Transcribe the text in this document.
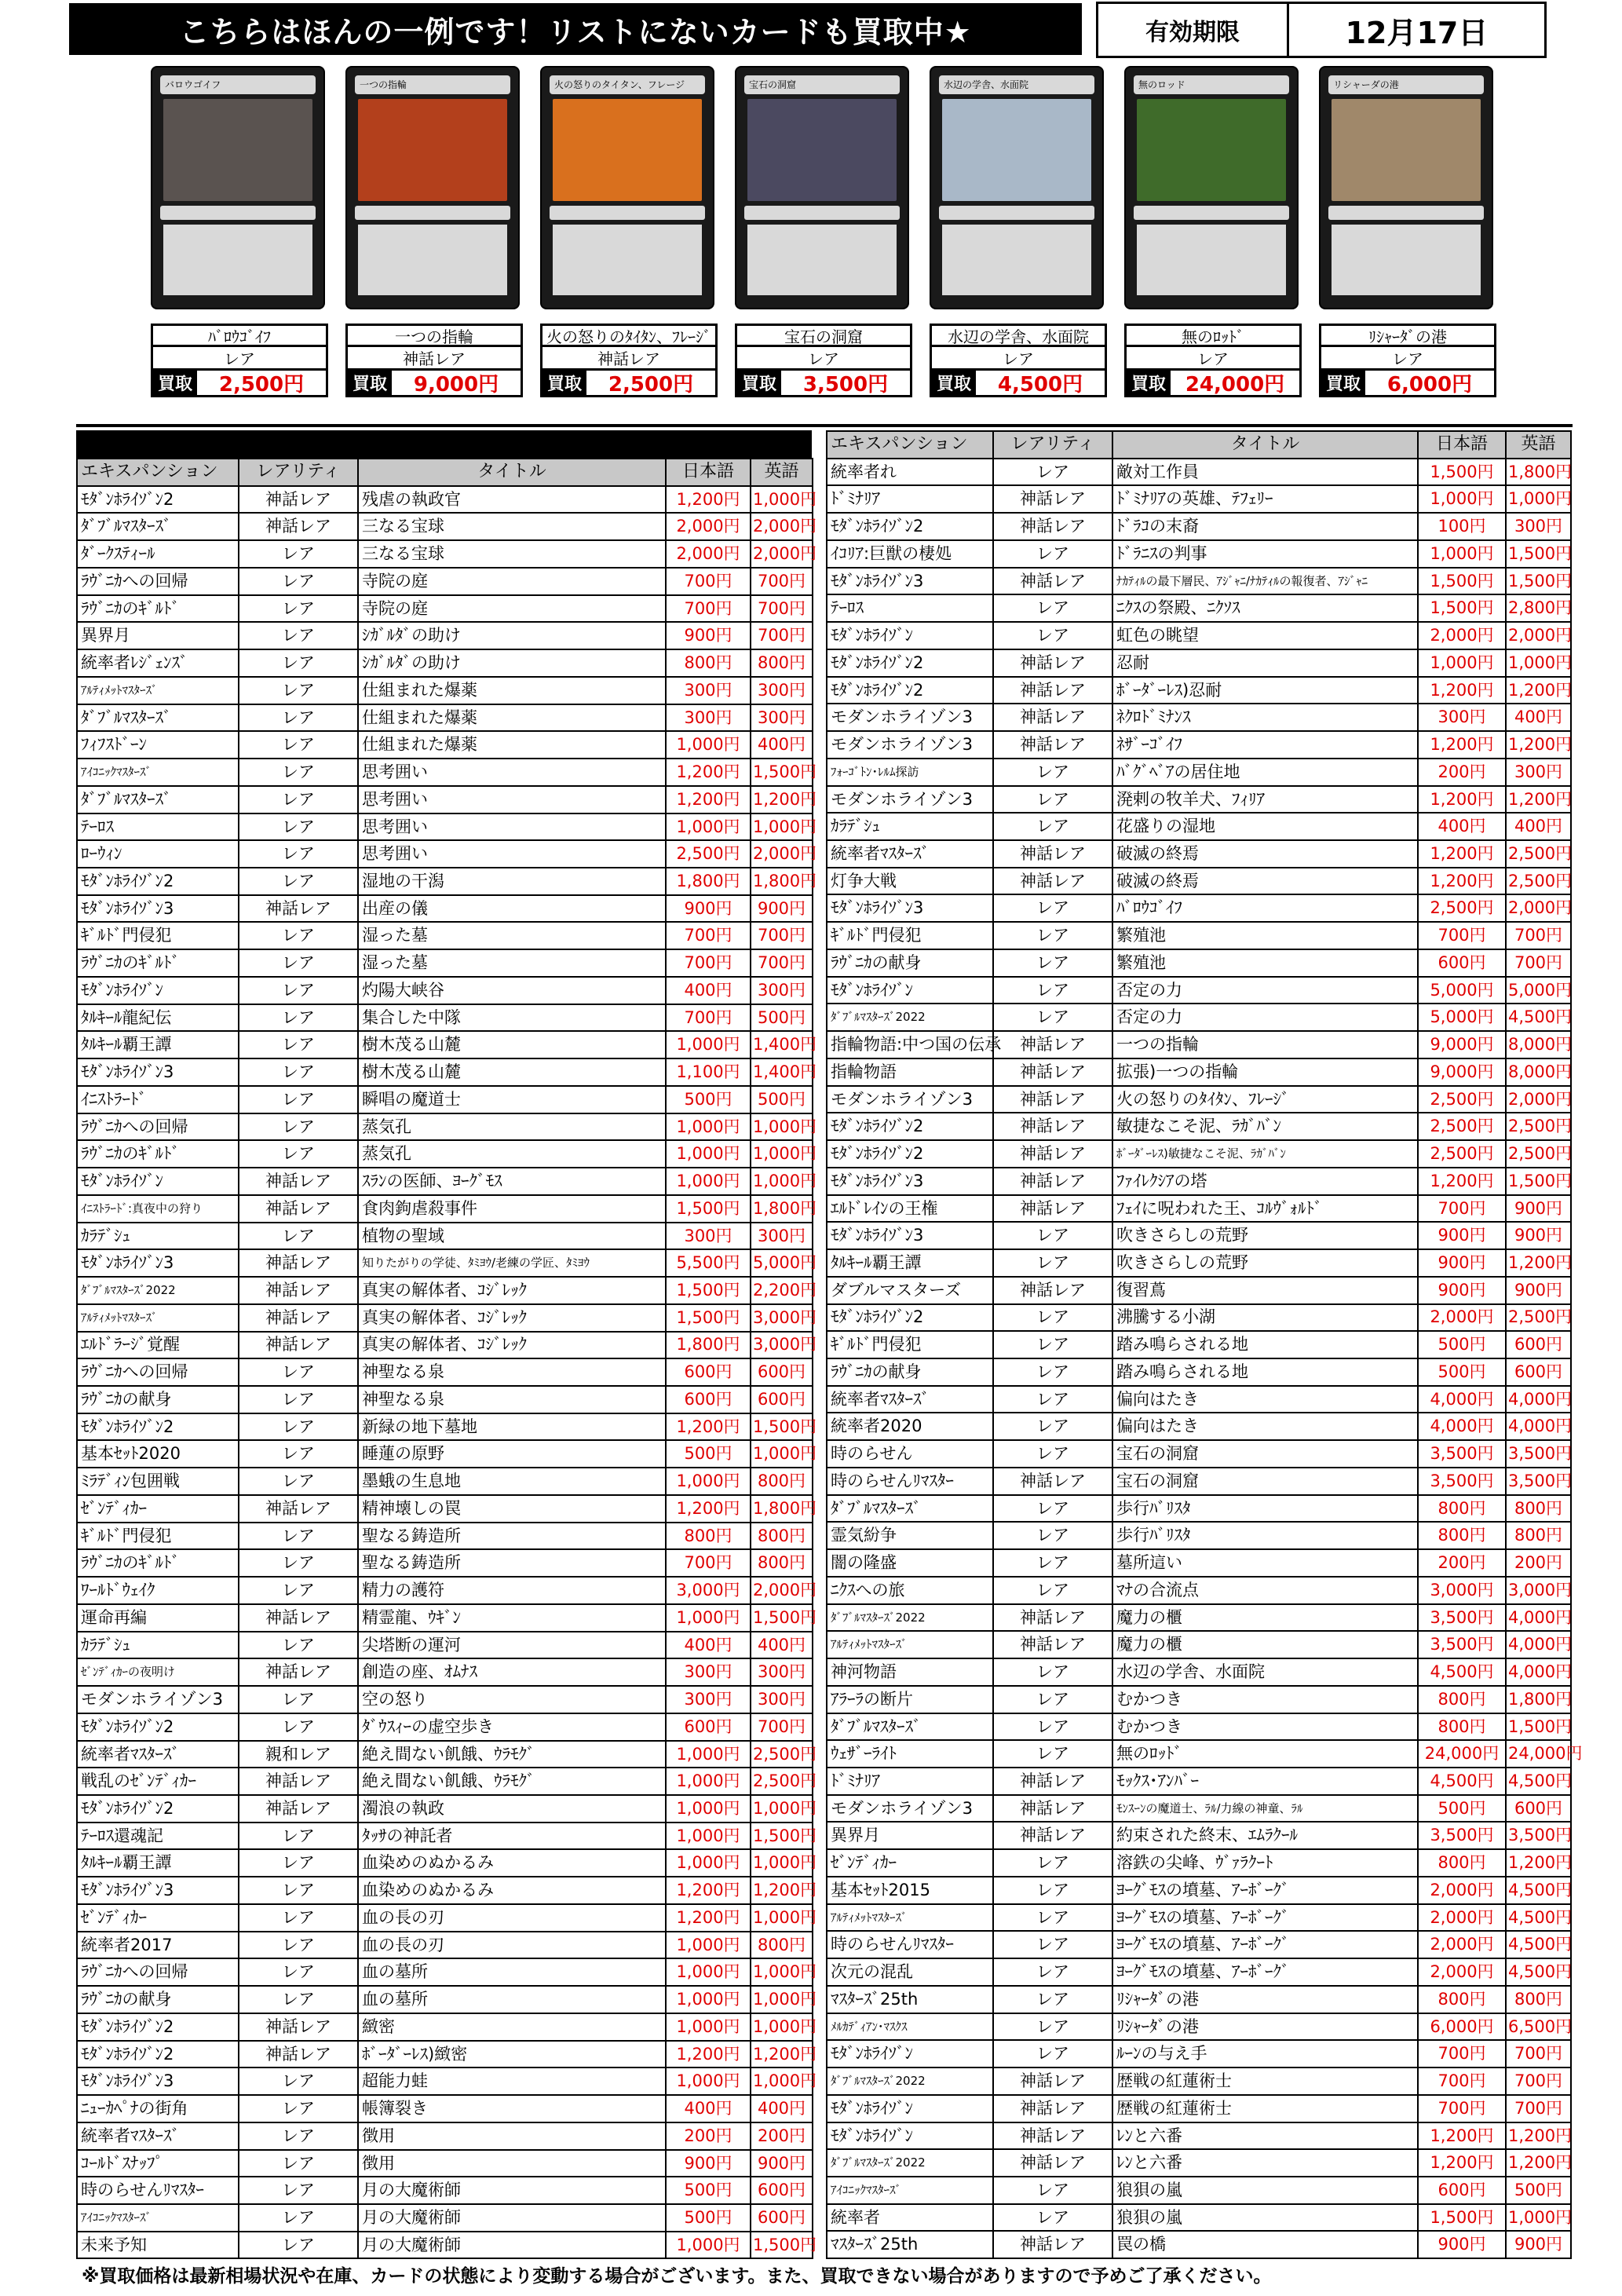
こちらはほんの一例です！リストにないカードも買取中★	有効期限	12月17日
バロウゴイフ
ﾊﾞﾛｳｺﾞｲﾌ
レア
買取	2,500円
一つの指輪
一つの指輪
神話レア
買取	9,000円
火の怒りのタイタン、フレージ
火の怒りのﾀｲﾀﾝ、ﾌﾚｰｼﾞ
神話レア
買取	2,500円
宝石の洞窟
宝石の洞窟
レア
買取	3,500円
水辺の学舎、水面院
水辺の学舎、水面院
レア
買取	4,500円
無のロッド
無のﾛｯﾄﾞ
レア
買取 24,000円
リシャーダの港
ﾘｼｬｰﾀﾞの港
レア
買取	6,000円
エキスパンション	レアリティ	タイトル	日本語	英語
ﾓﾀﾞﾝﾎﾗｲｿﾞﾝ2	神話レア	残虐の執政官	1,200円	1,000円
ﾀﾞﾌﾞﾙﾏｽﾀｰｽﾞ	神話レア	三なる宝球	2,000円	2,000円
ﾀﾞｰｸｽﾃｨｰﾙ	レア	三なる宝球	2,000円	2,000円
ﾗｳﾞﾆｶへの回帰	レア	寺院の庭	700円	700円
ﾗｳﾞﾆｶのｷﾞﾙﾄﾞ	レア	寺院の庭	700円	700円
異界月	レア	ｼｶﾞﾙﾀﾞの助け	900円	700円
統率者ﾚｼﾞｪﾝｽﾞ	レア	ｼｶﾞﾙﾀﾞの助け	800円	800円
ｱﾙﾃｨﾒｯﾄﾏｽﾀｰｽﾞ	レア	仕組まれた爆薬	300円	300円
ﾀﾞﾌﾞﾙﾏｽﾀｰｽﾞ	レア	仕組まれた爆薬	300円	300円
ﾌｨﾌｽﾄﾞｰﾝ	レア	仕組まれた爆薬	1,000円	400円
ｱｲｺﾆｯｸﾏｽﾀｰｽﾞ	レア	思考囲い	1,200円	1,500円
ﾀﾞﾌﾞﾙﾏｽﾀｰｽﾞ	レア	思考囲い	1,200円	1,200円
ﾃｰﾛｽ	レア	思考囲い	1,000円	1,000円
ﾛｰｳｨﾝ	レア	思考囲い	2,500円	2,000円
ﾓﾀﾞﾝﾎﾗｲｿﾞﾝ2	レア	湿地の干潟	1,800円	1,800円
ﾓﾀﾞﾝﾎﾗｲｿﾞﾝ3	神話レア	出産の儀	900円	900円
ｷﾞﾙﾄﾞ門侵犯	レア	湿った墓	700円	700円
ﾗｳﾞﾆｶのｷﾞﾙﾄﾞ	レア	湿った墓	700円	700円
ﾓﾀﾞﾝﾎﾗｲｿﾞﾝ	レア	灼陽大峡谷	400円	300円
ﾀﾙｷｰﾙ龍紀伝	レア	集合した中隊	700円	500円
ﾀﾙｷｰﾙ覇王譚	レア	樹木茂る山麓	1,000円	1,400円
ﾓﾀﾞﾝﾎﾗｲｿﾞﾝ3	レア	樹木茂る山麓	1,100円	1,400円
ｲﾆｽﾄﾗｰﾄﾞ	レア	瞬唱の魔道士	500円	500円
ﾗｳﾞﾆｶへの回帰	レア	蒸気孔	1,000円	1,000円
ﾗｳﾞﾆｶのｷﾞﾙﾄﾞ	レア	蒸気孔	1,000円	1,000円
ﾓﾀﾞﾝﾎﾗｲｿﾞﾝ	神話レア	ｽﾗﾝの医師、ﾖｰｸﾞﾓｽ	1,000円	1,000円
ｲﾆｽﾄﾗｰﾄﾞ:真夜中の狩り	神話レア	食肉鉤虐殺事件	1,500円	1,800円
ｶﾗﾃﾞｼｭ	レア	植物の聖域	300円	300円
ﾓﾀﾞﾝﾎﾗｲｿﾞﾝ3	神話レア	知りたがりの学徒、ﾀﾐﾖｳ/老練の学匠、ﾀﾐﾖｳ	5,500円	5,000円
ﾀﾞﾌﾞﾙﾏｽﾀｰｽﾞ2022	神話レア	真実の解体者、ｺｼﾞﾚｯｸ	1,500円	2,200円
ｱﾙﾃｨﾒｯﾄﾏｽﾀｰｽﾞ	神話レア	真実の解体者、ｺｼﾞﾚｯｸ	1,500円	3,000円
ｴﾙﾄﾞﾗｰｼﾞ覚醒	神話レア	真実の解体者、ｺｼﾞﾚｯｸ	1,800円	3,000円
ﾗｳﾞﾆｶへの回帰	レア	神聖なる泉	600円	600円
ﾗｳﾞﾆｶの献身	レア	神聖なる泉	600円	600円
ﾓﾀﾞﾝﾎﾗｲｿﾞﾝ2	レア	新緑の地下墓地	1,200円	1,500円
基本ｾｯﾄ2020	レア	睡蓮の原野	500円	1,000円
ﾐﾗﾃﾞｨﾝ包囲戦	レア	墨蛾の生息地	1,000円	800円
ｾﾞﾝﾃﾞｨｶｰ	神話レア	精神壊しの罠	1,200円	1,800円
ｷﾞﾙﾄﾞ門侵犯	レア	聖なる鋳造所	800円	800円
ﾗｳﾞﾆｶのｷﾞﾙﾄﾞ	レア	聖なる鋳造所	700円	800円
ﾜｰﾙﾄﾞｳｪｲｸ	レア	精力の護符	3,000円	2,000円
運命再編	神話レア	精霊龍、ｳｷﾞﾝ	1,000円	1,500円
ｶﾗﾃﾞｼｭ	レア	尖塔断の運河	400円	400円
ｾﾞﾝﾃﾞｨｶｰの夜明け	神話レア	創造の座、ｵﾑﾅｽ	300円	300円
モダンホライゾン3	レア	空の怒り	300円	300円
ﾓﾀﾞﾝﾎﾗｲｿﾞﾝ2	レア	ﾀﾞｳｽｨｰの虚空歩き	600円	700円
統率者ﾏｽﾀｰｽﾞ	親和レア	絶え間ない飢餓、ｳﾗﾓｸﾞ	1,000円	2,500円
戦乱のｾﾞﾝﾃﾞｨｶｰ	神話レア	絶え間ない飢餓、ｳﾗﾓｸﾞ	1,000円	2,500円
ﾓﾀﾞﾝﾎﾗｲｿﾞﾝ2	神話レア	濁浪の執政	1,000円	1,000円
ﾃｰﾛｽ還魂記	レア	ﾀｯｻの神託者	1,000円	1,500円
ﾀﾙｷｰﾙ覇王譚	レア	血染めのぬかるみ	1,000円	1,000円
ﾓﾀﾞﾝﾎﾗｲｿﾞﾝ3	レア	血染めのぬかるみ	1,200円	1,200円
ｾﾞﾝﾃﾞｨｶｰ	レア	血の長の刃	1,200円	1,000円
統率者2017	レア	血の長の刃	1,000円	800円
ﾗｳﾞﾆｶへの回帰	レア	血の墓所	1,000円	1,000円
ﾗｳﾞﾆｶの献身	レア	血の墓所	1,000円	1,000円
ﾓﾀﾞﾝﾎﾗｲｿﾞﾝ2	神話レア	緻密	1,000円	1,000円
ﾓﾀﾞﾝﾎﾗｲｿﾞﾝ2	神話レア	ﾎﾞｰﾀﾞｰﾚｽ)緻密	1,200円	1,200円
ﾓﾀﾞﾝﾎﾗｲｿﾞﾝ3	レア	超能力蛙	1,000円	1,000円
ﾆｭｰｶﾍﾟﾅの街角	レア	帳簿裂き	400円	400円
統率者ﾏｽﾀｰｽﾞ	レア	徴用	200円	200円
ｺｰﾙﾄﾞｽﾅｯﾌﾟ	レア	徴用	900円	900円
時のらせんﾘﾏｽﾀｰ	レア	月の大魔術師	500円	600円
ｱｲｺﾆｯｸﾏｽﾀｰｽﾞ	レア	月の大魔術師	500円	600円
未来予知	レア	月の大魔術師	1,000円	1,500円
エキスパンション	レアリティ	タイトル	日本語	英語
統率者れ	レア	敵対工作員	1,500円	1,800円
ﾄﾞﾐﾅﾘｱ	神話レア	ﾄﾞﾐﾅﾘｱの英雄、ﾃﾌｪﾘｰ	1,000円	1,000円
ﾓﾀﾞﾝﾎﾗｲｿﾞﾝ2	神話レア	ﾄﾞﾗｺの末裔	100円	300円
ｲｺﾘｱ:巨獣の棲処	レア	ﾄﾞﾗﾆｽの判事	1,000円	1,500円
ﾓﾀﾞﾝﾎﾗｲｿﾞﾝ3	神話レア	ﾅｶﾃｨﾙの最下層民、ｱｼﾞｬﾆ/ﾅｶﾃｨﾙの報復者、ｱｼﾞｬﾆ	1,500円	1,500円
ﾃｰﾛｽ	レア	ﾆｸｽの祭殿、ﾆｸｿｽ	1,500円	2,800円
ﾓﾀﾞﾝﾎﾗｲｿﾞﾝ	レア	虹色の眺望	2,000円	2,000円
ﾓﾀﾞﾝﾎﾗｲｿﾞﾝ2	神話レア	忍耐	1,000円	1,000円
ﾓﾀﾞﾝﾎﾗｲｿﾞﾝ2	神話レア	ﾎﾞｰﾀﾞｰﾚｽ)忍耐	1,200円	1,200円
モダンホライゾン3	神話レア	ﾈｸﾛﾄﾞﾐﾅﾝｽ	300円	400円
モダンホライゾン3	神話レア	ﾈｻﾞｰｺﾞｲﾌ	1,200円	1,200円
ﾌｫｰｺﾞﾄﾝ･ﾚﾙﾑ探訪	レア	ﾊﾞｸﾞﾍﾞｱの居住地	200円	300円
モダンホライゾン3	レア	溌剌の牧羊犬、ﾌｨﾘｱ	1,200円	1,200円
ｶﾗﾃﾞｼｭ	レア	花盛りの湿地	400円	400円
統率者ﾏｽﾀｰｽﾞ	神話レア	破滅の終焉	1,200円	2,500円
灯争大戦	神話レア	破滅の終焉	1,200円	2,500円
ﾓﾀﾞﾝﾎﾗｲｿﾞﾝ3	レア	ﾊﾞﾛｳｺﾞｲﾌ	2,500円	2,000円
ｷﾞﾙﾄﾞ門侵犯	レア	繁殖池	700円	700円
ﾗｳﾞﾆｶの献身	レア	繁殖池	600円	700円
ﾓﾀﾞﾝﾎﾗｲｿﾞﾝ	レア	否定の力	5,000円	5,000円
ﾀﾞﾌﾞﾙﾏｽﾀｰｽﾞ2022	レア	否定の力	5,000円	4,500円
指輪物語:中つ国の伝承	神話レア	一つの指輪	9,000円	8,000円
指輪物語	神話レア	拡張)一つの指輪	9,000円	8,000円
モダンホライゾン3	神話レア	火の怒りのﾀｲﾀﾝ、ﾌﾚｰｼﾞ	2,500円	2,000円
ﾓﾀﾞﾝﾎﾗｲｿﾞﾝ2	神話レア	敏捷なこそ泥、ﾗｶﾞﾊﾞﾝ	2,500円	2,500円
ﾓﾀﾞﾝﾎﾗｲｿﾞﾝ2	神話レア	ﾎﾞｰﾀﾞｰﾚｽ)敏捷なこそ泥、ﾗｶﾞﾊﾞﾝ	2,500円	2,500円
ﾓﾀﾞﾝﾎﾗｲｿﾞﾝ3	神話レア	ﾌｧｲﾚｸｼｱの塔	1,200円	1,500円
ｴﾙﾄﾞﾚｲﾝの王権	神話レア	ﾌｪｲに呪われた王、ｺﾙｳﾞｫﾙﾄﾞ	700円	900円
ﾓﾀﾞﾝﾎﾗｲｿﾞﾝ3	レア	吹きさらしの荒野	900円	900円
ﾀﾙｷｰﾙ覇王譚	レア	吹きさらしの荒野	900円	1,200円
ダブルマスターズ	神話レア	復習蔦	900円	900円
ﾓﾀﾞﾝﾎﾗｲｿﾞﾝ2	レア	沸騰する小湖	2,000円	2,500円
ｷﾞﾙﾄﾞ門侵犯	レア	踏み鳴らされる地	500円	600円
ﾗｳﾞﾆｶの献身	レア	踏み鳴らされる地	500円	600円
統率者ﾏｽﾀｰｽﾞ	レア	偏向はたき	4,000円	4,000円
統率者2020	レア	偏向はたき	4,000円	4,000円
時のらせん	レア	宝石の洞窟	3,500円	3,500円
時のらせんﾘﾏｽﾀｰ	神話レア	宝石の洞窟	3,500円	3,500円
ﾀﾞﾌﾞﾙﾏｽﾀｰｽﾞ	レア	歩行ﾊﾞﾘｽﾀ	800円	800円
霊気紛争	レア	歩行ﾊﾞﾘｽﾀ	800円	800円
闇の隆盛	レア	墓所這い	200円	200円
ﾆｸｽへの旅	レア	ﾏﾅの合流点	3,000円	3,000円
ﾀﾞﾌﾞﾙﾏｽﾀｰｽﾞ2022	神話レア	魔力の櫃	3,500円	4,000円
ｱﾙﾃｨﾒｯﾄﾏｽﾀｰｽﾞ	神話レア	魔力の櫃	3,500円	4,000円
神河物語	レア	水辺の学舎、水面院	4,500円	4,000円
ｱﾗｰﾗの断片	レア	むかつき	800円	1,800円
ﾀﾞﾌﾞﾙﾏｽﾀｰｽﾞ	レア	むかつき	800円	1,500円
ｳｪｻﾞｰﾗｲﾄ	レア	無のﾛｯﾄﾞ	24,000円	24,000円
ﾄﾞﾐﾅﾘｱ	神話レア	ﾓｯｸｽ･ｱﾝﾊﾞｰ	4,500円	4,500円
モダンホライゾン3	神話レア	ﾓﾝｽｰﾝの魔道士、ﾗﾙ/力線の神童、ﾗﾙ	500円	600円
異界月	神話レア	約束された終末、ｴﾑﾗｸｰﾙ	3,500円	3,500円
ｾﾞﾝﾃﾞｨｶｰ	レア	溶鉄の尖峰、ｳﾞｧﾗｸｰﾄ	800円	1,200円
基本ｾｯﾄ2015	レア	ﾖｰｸﾞﾓｽの墳墓、ｱｰﾎﾞｰｸﾞ	2,000円	4,500円
ｱﾙﾃｨﾒｯﾄﾏｽﾀｰｽﾞ	レア	ﾖｰｸﾞﾓｽの墳墓、ｱｰﾎﾞｰｸﾞ	2,000円	4,500円
時のらせんﾘﾏｽﾀｰ	レア	ﾖｰｸﾞﾓｽの墳墓、ｱｰﾎﾞｰｸﾞ	2,000円	4,500円
次元の混乱	レア	ﾖｰｸﾞﾓｽの墳墓、ｱｰﾎﾞｰｸﾞ	2,000円	4,500円
ﾏｽﾀｰｽﾞ25th	レア	ﾘｼｬｰﾀﾞの港	800円	800円
ﾒﾙｶﾃﾞｨｱﾝ･ﾏｽｸｽ	レア	ﾘｼｬｰﾀﾞの港	6,000円	6,500円
ﾓﾀﾞﾝﾎﾗｲｿﾞﾝ	レア	ﾙｰﾝの与え手	700円	700円
ﾀﾞﾌﾞﾙﾏｽﾀｰｽﾞ2022	神話レア	歴戦の紅蓮術士	700円	700円
ﾓﾀﾞﾝﾎﾗｲｿﾞﾝ	神話レア	歴戦の紅蓮術士	700円	700円
ﾓﾀﾞﾝﾎﾗｲｿﾞﾝ	神話レア	ﾚﾝと六番	1,200円	1,200円
ﾀﾞﾌﾞﾙﾏｽﾀｰｽﾞ2022	神話レア	ﾚﾝと六番	1,200円	1,200円
ｱｲｺﾆｯｸﾏｽﾀｰｽﾞ	レア	狼狽の嵐	600円	500円
統率者	レア	狼狽の嵐	1,500円	1,000円
ﾏｽﾀｰｽﾞ25th	神話レア	罠の橋	900円	900円
※買取価格は最新相場状況や在庫、カードの状態により変動する場合がございます。また、買取できない場合がありますので予めご了承ください。
